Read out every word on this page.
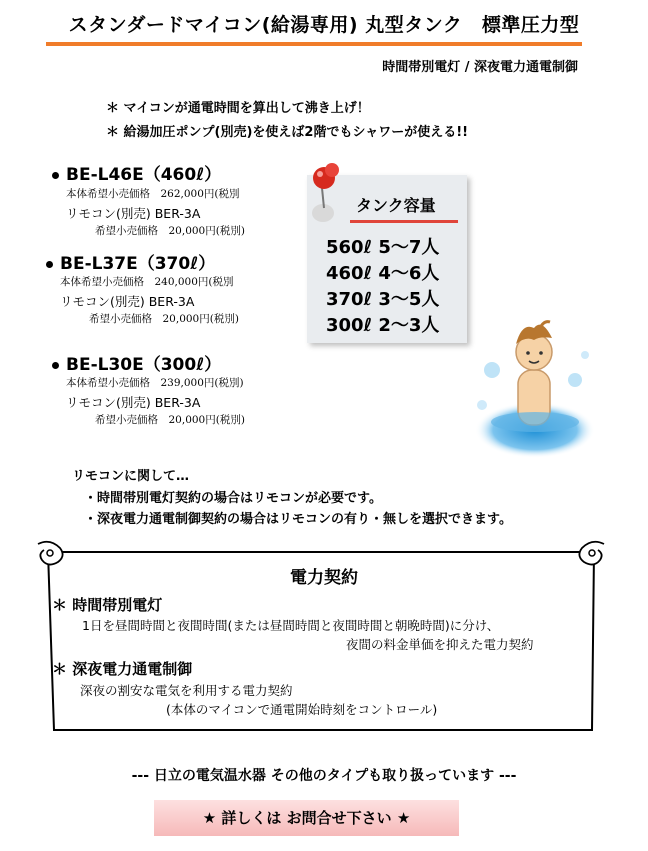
スタンダードマイコン(給湯専用) 丸型タンク　標準圧力型
時間帯別電灯 / 深夜電力通電制御
＊ マイコンが通電時間を算出して沸き上げ！
＊ 給湯加圧ポンプ(別売)を使えば2階でもシャワーが使える!!
BE-L46E（460ℓ）
本体希望小売価格　 262,000円(税別
リモコン(別売) BER-3A
希望小売価格　 20,000円(税別)
BE-L37E（370ℓ）
本体希望小売価格　 240,000円(税別
リモコン(別売) BER-3A
希望小売価格　 20,000円(税別)
BE-L30E（300ℓ）
本体希望小売価格　 239,000円(税別)
リモコン(別売) BER-3A
希望小売価格　 20,000円(税別)
タンク容量
560ℓ 5～7人
460ℓ 4～6人
370ℓ 3～5人
300ℓ 2～3人
リモコンに関して…
・時間帯別電灯契約の場合はリモコンが必要です。
・深夜電力通電制御契約の場合はリモコンの有り・無しを選択できます。
電力契約
＊ 時間帯別電灯
1日を昼間時間と夜間時間(または昼間時間と夜間時間と朝晩時間)に分け、
夜間の料金単価を抑えた電力契約
＊ 深夜電力通電制御
深夜の割安な電気を利用する電力契約
(本体のマイコンで通電開始時刻をコントロール)
--- 日立の電気温水器 その他のタイプも取り扱っています ---
★ 詳しくは お問合せ下さい ★
